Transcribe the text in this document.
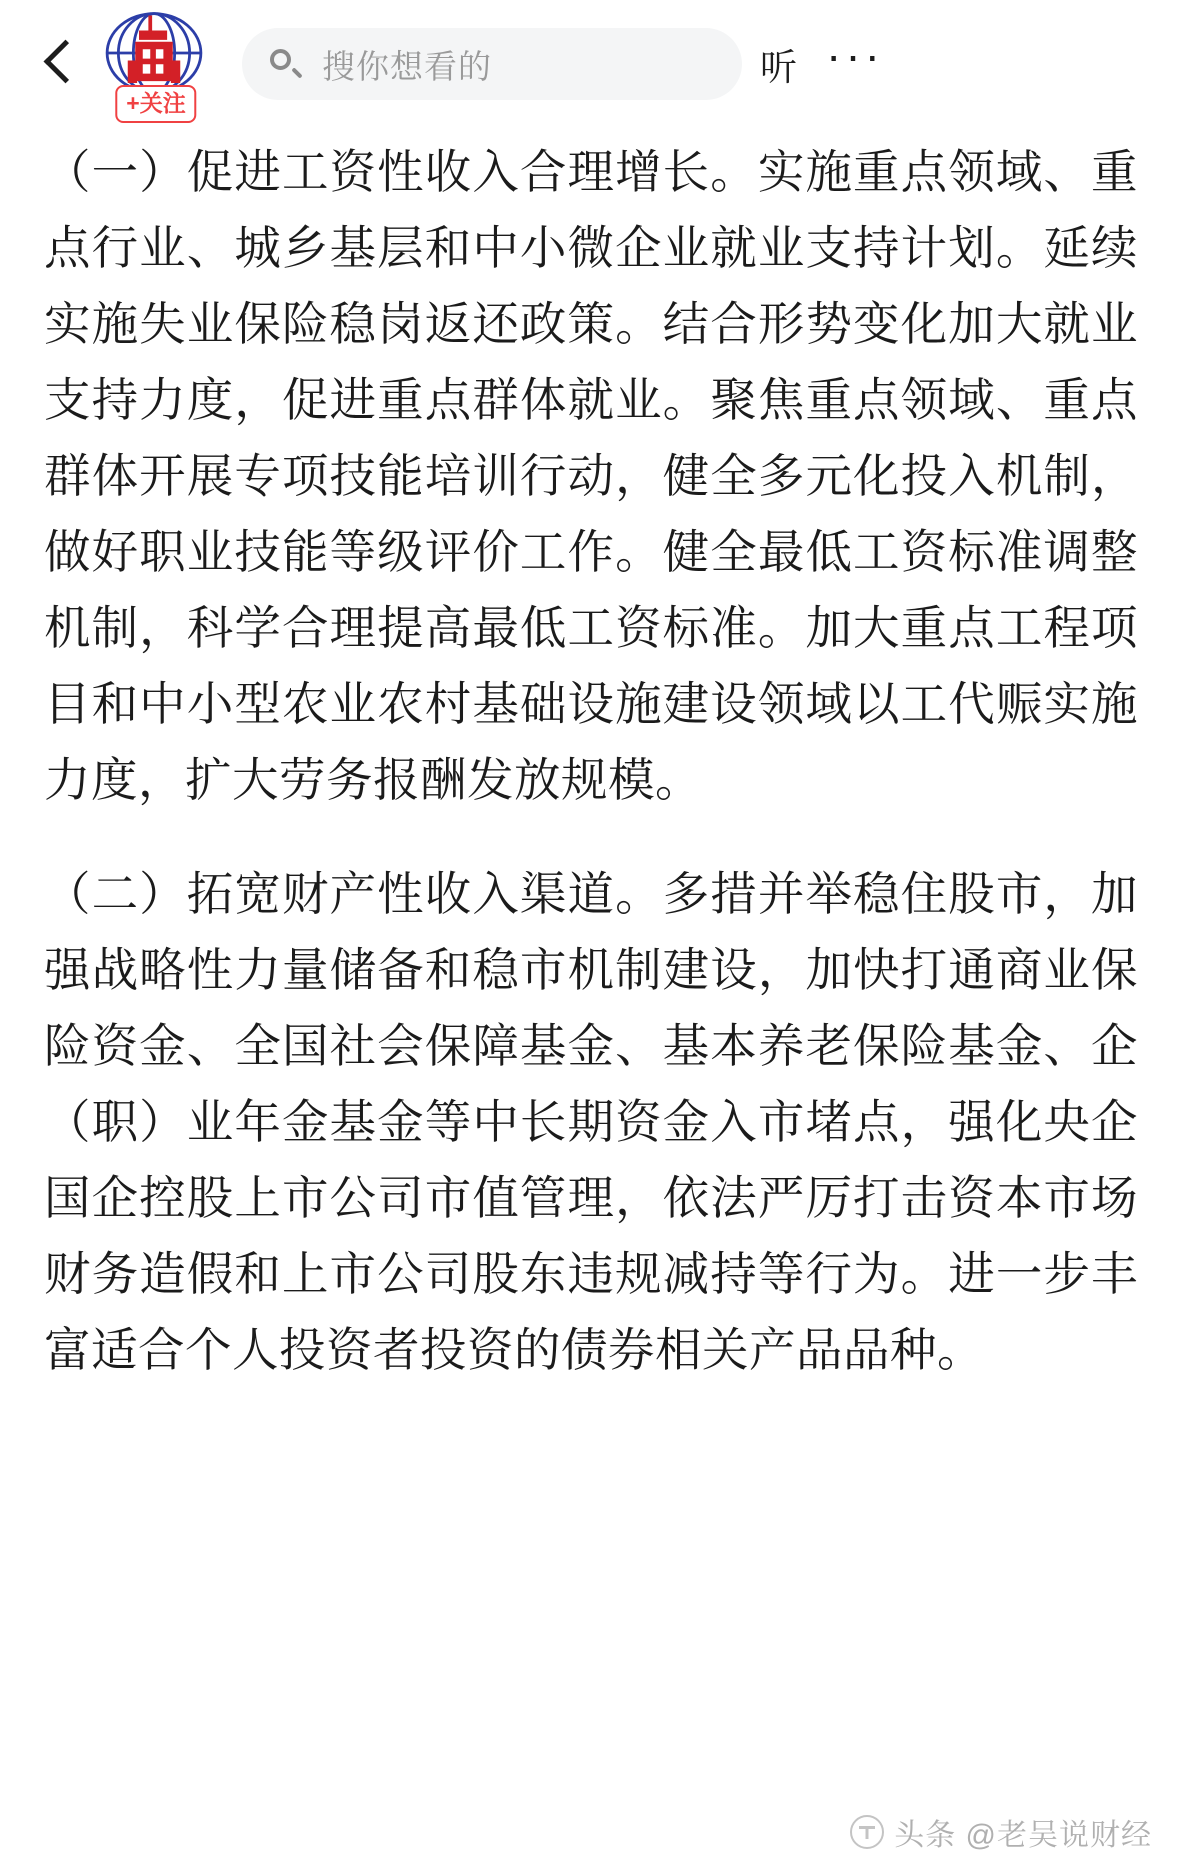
+关注
搜你想看的	听 ···

（一）促进工资性收入合理增长。实施重点领域、重点行业、城乡基层和中小微企业就业支持计划。延续实施失业保险稳岗返还政策。结合形势变化加大就业支持力度，促进重点群体就业。聚焦重点领域、重点群体开展专项技能培训行动，健全多元化投入机制，做好职业技能等级评价工作。健全最低工资标准调整机制，科学合理提高最低工资标准。加大重点工程项目和中小型农业农村基础设施建设领域以工代赈实施力度，扩大劳务报酬发放规模。

（二）拓宽财产性收入渠道。多措并举稳住股市，加强战略性力量储备和稳市机制建设，加快打通商业保险资金、全国社会保障基金、基本养老保险基金、企（职）业年金基金等中长期资金入市堵点，强化央企国企控股上市公司市值管理，依法严厉打击资本市场财务造假和上市公司股东违规减持等行为。进一步丰富适合个人投资者投资的债券相关产品品种。

头条 @老吴说财经
